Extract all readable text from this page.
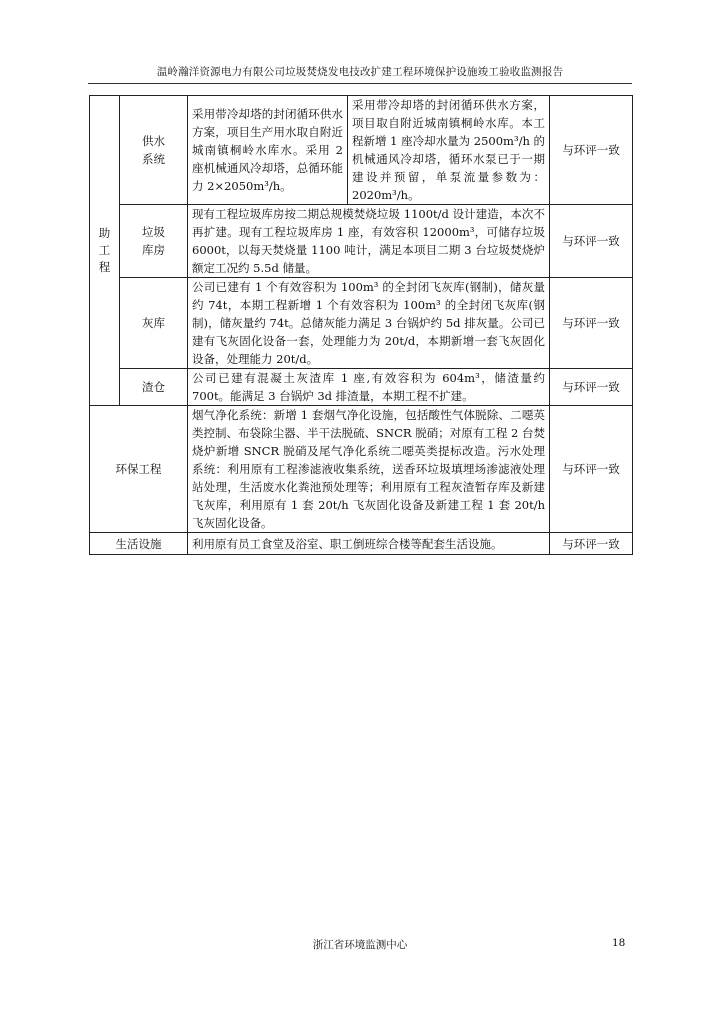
温岭瀚洋资源电力有限公司垃圾焚烧发电技改扩建工程环境保护设施竣工验收监测报告
助工程	供水系统	采用带冷却塔的封闭循环供水方案，项目生产用水取自附近城南镇桐岭水库水。采用 2 座机械通风冷却塔，总循环能力 2×2050m³/h。	采用带冷却塔的封闭循环供水方案，项目取自附近城南镇桐岭水库。本工程新增 1 座冷却水量为 2500m³/h 的机械通风冷却塔，循环水泵已于一期建设并预留，单泵流量参数为：2020m³/h。	与环评一致
	垃圾库房	现有工程垃圾库房按二期总规模焚烧垃圾 1100t/d 设计建造，本次不再扩建。现有工程垃圾库房 1 座，有效容积 12000m³，可储存垃圾 6000t，以每天焚烧量 1100 吨计，满足本项目二期 3 台垃圾焚烧炉额定工况约 5.5d 储量。		与环评一致
	灰库	公司已建有 1 个有效容积为 100m³ 的全封闭飞灰库(钢制)，储灰量约 74t，本期工程新增 1 个有效容积为 100m³ 的全封闭飞灰库(钢制)，储灰量约 74t。总储灰能力满足 3 台锅炉约 5d 排灰量。公司已建有飞灰固化设备一套，处理能力为 20t/d，本期新增一套飞灰固化设备，处理能力 20t/d。		与环评一致
	渣仓	公司已建有混凝土灰渣库 1 座,有效容积为 604m³，储渣量约 700t。能满足 3 台锅炉 3d 排渣量，本期工程不扩建。		与环评一致
环保工程		烟气净化系统：新增 1 套烟气净化设施，包括酸性气体脱除、二噁英类控制、布袋除尘器、半干法脱硫、SNCR 脱硝；对原有工程 2 台焚烧炉新增 SNCR 脱硝及尾气净化系统二噁英类提标改造。污水处理系统：利用原有工程渗滤液收集系统，送香环垃圾填埋场渗滤液处理站处理，生活废水化粪池预处理等；利用原有工程灰渣暂存库及新建飞灰库，利用原有 1 套 20t/h 飞灰固化设备及新建工程 1 套 20t/h 飞灰固化设备。		与环评一致
生活设施		利用原有员工食堂及浴室、职工倒班综合楼等配套生活设施。		与环评一致
浙江省环境监测中心	18
